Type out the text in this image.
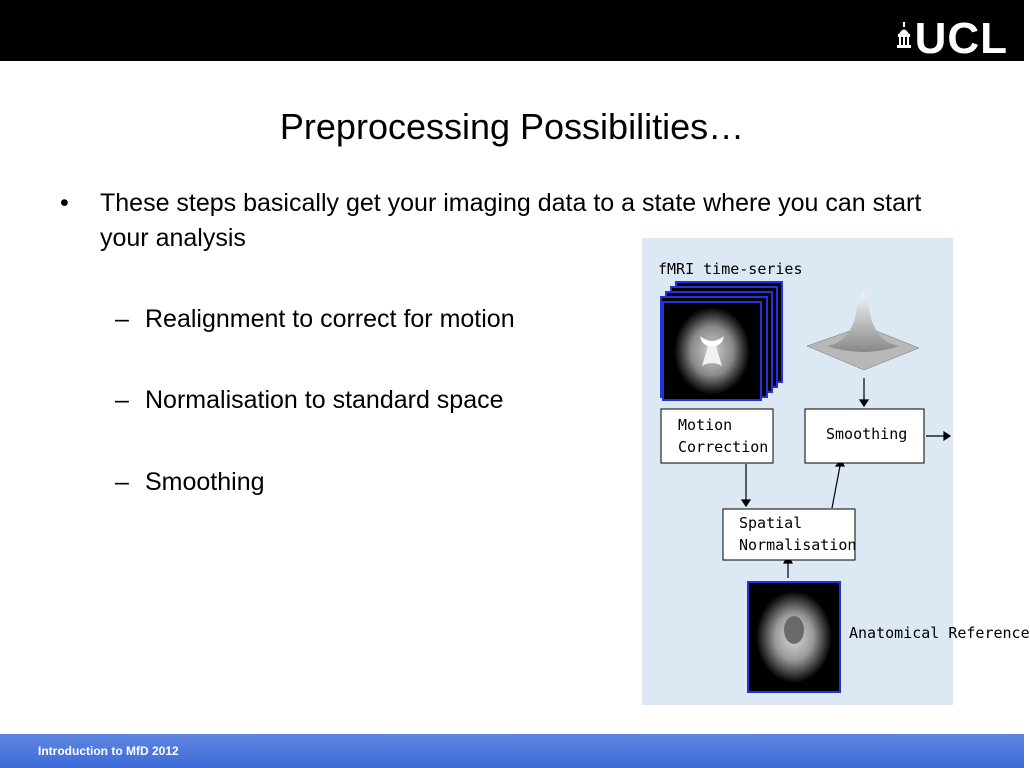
UCL
Preprocessing Possibilities…
• These steps basically get your imaging data to a state where you can start your analysis
– Realignment to correct for motion
– Normalisation to standard space
– Smoothing
fMRI time-series
Motion
Correction
Smoothing
Spatial
Normalisation
Anatomical Reference
Introduction to MfD 2012
